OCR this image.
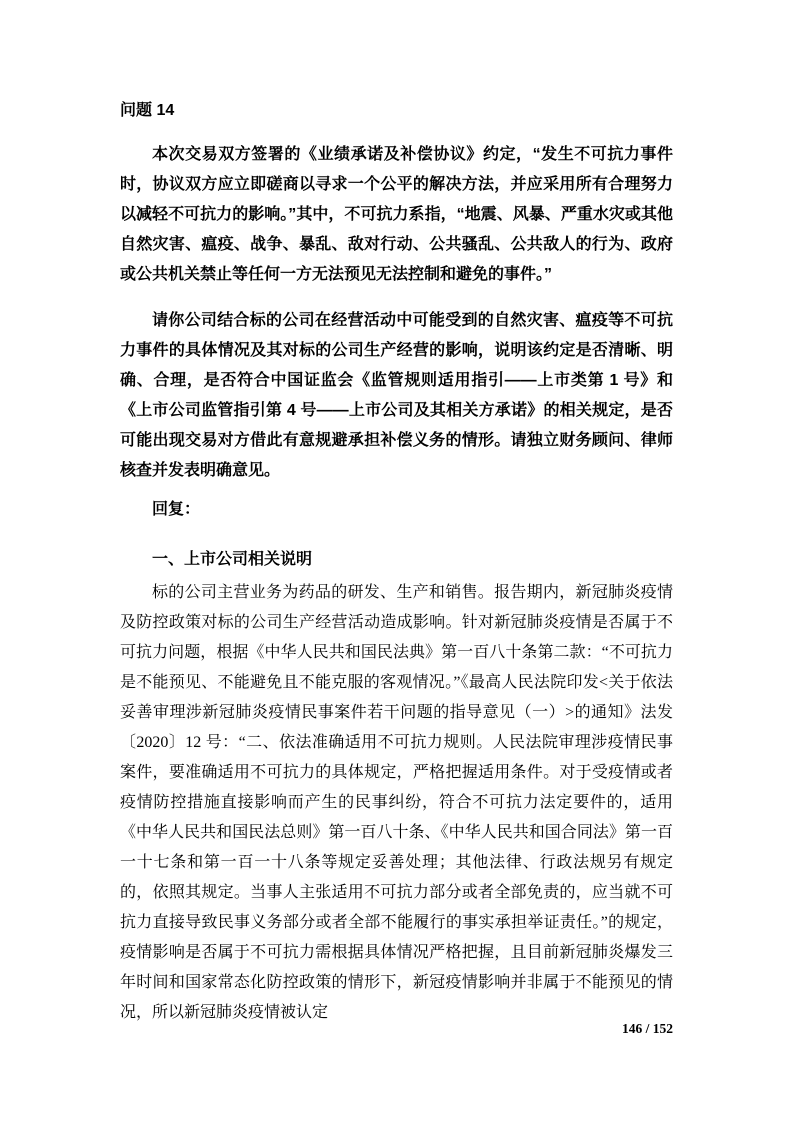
问题 14

本次交易双方签署的《业绩承诺及补偿协议》约定，“发生不可抗力事件时，协议双方应立即磋商以寻求一个公平的解决方法，并应采用所有合理努力以减轻不可抗力的影响。”其中，不可抗力系指，“地震、风暴、严重水灾或其他自然灾害、瘟疫、战争、暴乱、敌对行动、公共骚乱、公共敌人的行为、政府或公共机关禁止等任何一方无法预见无法控制和避免的事件。”

请你公司结合标的公司在经营活动中可能受到的自然灾害、瘟疫等不可抗力事件的具体情况及其对标的公司生产经营的影响，说明该约定是否清晰、明确、合理，是否符合中国证监会《监管规则适用指引——上市类第 1 号》和《上市公司监管指引第 4 号——上市公司及其相关方承诺》的相关规定，是否可能出现交易对方借此有意规避承担补偿义务的情形。请独立财务顾问、律师核查并发表明确意见。

回复：

一、上市公司相关说明

标的公司主营业务为药品的研发、生产和销售。报告期内，新冠肺炎疫情及防控政策对标的公司生产经营活动造成影响。针对新冠肺炎疫情是否属于不可抗力问题，根据《中华人民共和国民法典》第一百八十条第二款：“不可抗力是不能预见、不能避免且不能克服的客观情况。”《最高人民法院印发<关于依法妥善审理涉新冠肺炎疫情民事案件若干问题的指导意见（一）>的通知》法发〔2020〕12 号：“二、依法准确适用不可抗力规则。人民法院审理涉疫情民事案件，要准确适用不可抗力的具体规定，严格把握适用条件。对于受疫情或者疫情防控措施直接影响而产生的民事纠纷，符合不可抗力法定要件的，适用《中华人民共和国民法总则》第一百八十条、《中华人民共和国合同法》第一百一十七条和第一百一十八条等规定妥善处理；其他法律、行政法规另有规定的，依照其规定。当事人主张适用不可抗力部分或者全部免责的，应当就不可抗力直接导致民事义务部分或者全部不能履行的事实承担举证责任。”的规定，疫情影响是否属于不可抗力需根据具体情况严格把握，且目前新冠肺炎爆发三年时间和国家常态化防控政策的情形下，新冠疫情影响并非属于不能预见的情况，所以新冠肺炎疫情被认定

146 / 152
